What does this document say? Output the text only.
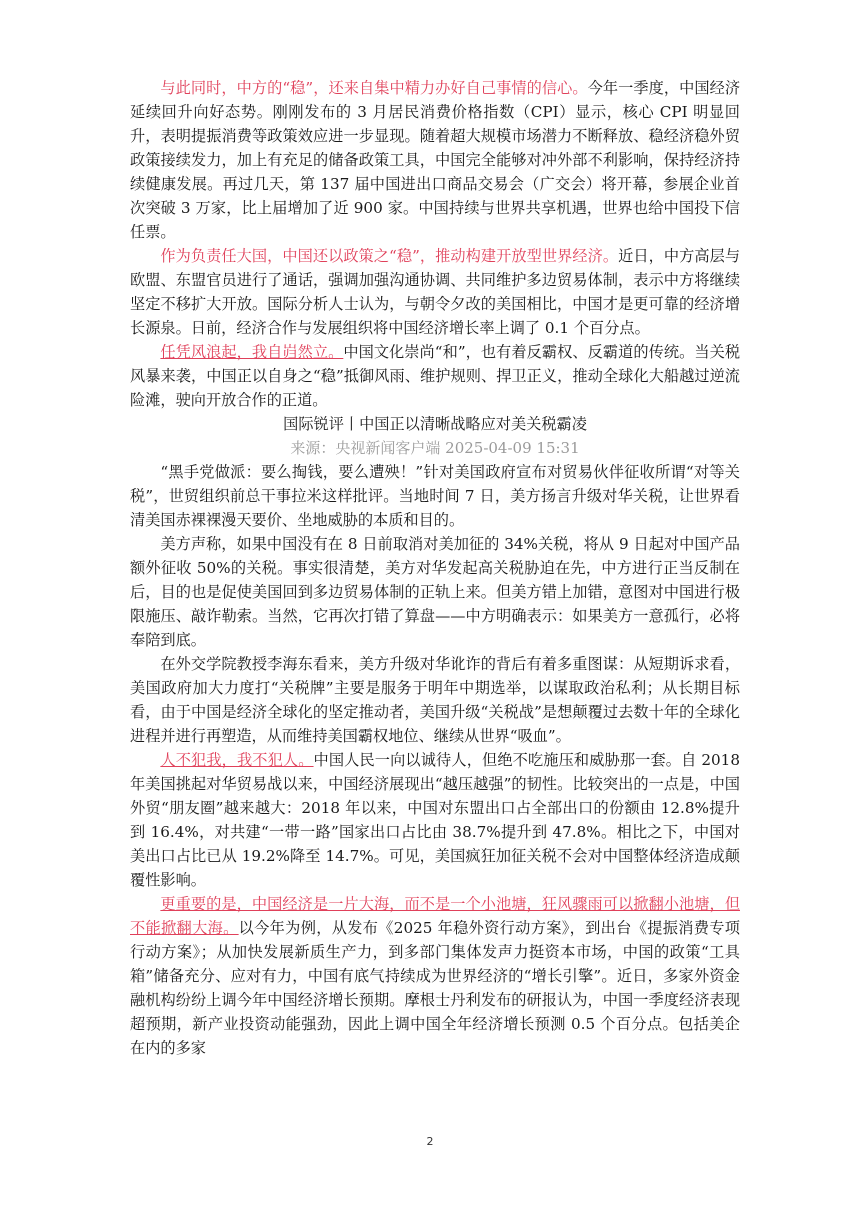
与此同时，中方的“稳”，还来自集中精力办好自己事情的信心。今年一季度，中国经济延续回升向好态势。刚刚发布的 3 月居民消费价格指数（CPI）显示，核心 CPI 明显回升，表明提振消费等政策效应进一步显现。随着超大规模市场潜力不断释放、稳经济稳外贸政策接续发力，加上有充足的储备政策工具，中国完全能够对冲外部不利影响，保持经济持续健康发展。再过几天，第 137 届中国进出口商品交易会（广交会）将开幕，参展企业首次突破 3 万家，比上届增加了近 900 家。中国持续与世界共享机遇，世界也给中国投下信任票。

作为负责任大国，中国还以政策之“稳”，推动构建开放型世界经济。近日，中方高层与欧盟、东盟官员进行了通话，强调加强沟通协调、共同维护多边贸易体制，表示中方将继续坚定不移扩大开放。国际分析人士认为，与朝令夕改的美国相比，中国才是更可靠的经济增长源泉。日前，经济合作与发展组织将中国经济增长率上调了 0.1 个百分点。

任凭风浪起，我自岿然立。中国文化崇尚“和”，也有着反霸权、反霸道的传统。当关税风暴来袭，中国正以自身之“稳”抵御风雨、维护规则、捍卫正义，推动全球化大船越过逆流险滩，驶向开放合作的正道。

国际锐评丨中国正以清晰战略应对美关税霸凌

来源：央视新闻客户端 2025-04-09 15:31

“黑手党做派：要么掏钱，要么遭殃！”针对美国政府宣布对贸易伙伴征收所谓“对等关税”，世贸组织前总干事拉米这样批评。当地时间 7 日，美方扬言升级对华关税，让世界看清美国赤裸裸漫天要价、坐地威胁的本质和目的。

美方声称，如果中国没有在 8 日前取消对美加征的 34%关税，将从 9 日起对中国产品额外征收 50%的关税。事实很清楚，美方对华发起高关税胁迫在先，中方进行正当反制在后，目的也是促使美国回到多边贸易体制的正轨上来。但美方错上加错，意图对中国进行极限施压、敲诈勒索。当然，它再次打错了算盘——中方明确表示：如果美方一意孤行，必将奉陪到底。

在外交学院教授李海东看来，美方升级对华讹诈的背后有着多重图谋：从短期诉求看，美国政府加大力度打“关税牌”主要是服务于明年中期选举，以谋取政治私利；从长期目标看，由于中国是经济全球化的坚定推动者，美国升级“关税战”是想颠覆过去数十年的全球化进程并进行再塑造，从而维持美国霸权地位、继续从世界“吸血”。

人不犯我，我不犯人。中国人民一向以诚待人，但绝不吃施压和威胁那一套。自 2018 年美国挑起对华贸易战以来，中国经济展现出“越压越强”的韧性。比较突出的一点是，中国外贸“朋友圈”越来越大：2018 年以来，中国对东盟出口占全部出口的份额由 12.8%提升到 16.4%，对共建“一带一路”国家出口占比由 38.7%提升到 47.8%。相比之下，中国对美出口占比已从 19.2%降至 14.7%。可见，美国疯狂加征关税不会对中国整体经济造成颠覆性影响。

更重要的是，中国经济是一片大海，而不是一个小池塘，狂风骤雨可以掀翻小池塘，但不能掀翻大海。以今年为例，从发布《2025 年稳外资行动方案》，到出台《提振消费专项行动方案》；从加快发展新质生产力，到多部门集体发声力挺资本市场，中国的政策“工具箱”储备充分、应对有力，中国有底气持续成为世界经济的“增长引擎”。近日，多家外资金融机构纷纷上调今年中国经济增长预期。摩根士丹利发布的研报认为，中国一季度经济表现超预期，新产业投资动能强劲，因此上调中国全年经济增长预测 0.5 个百分点。包括美企在内的多家

2
